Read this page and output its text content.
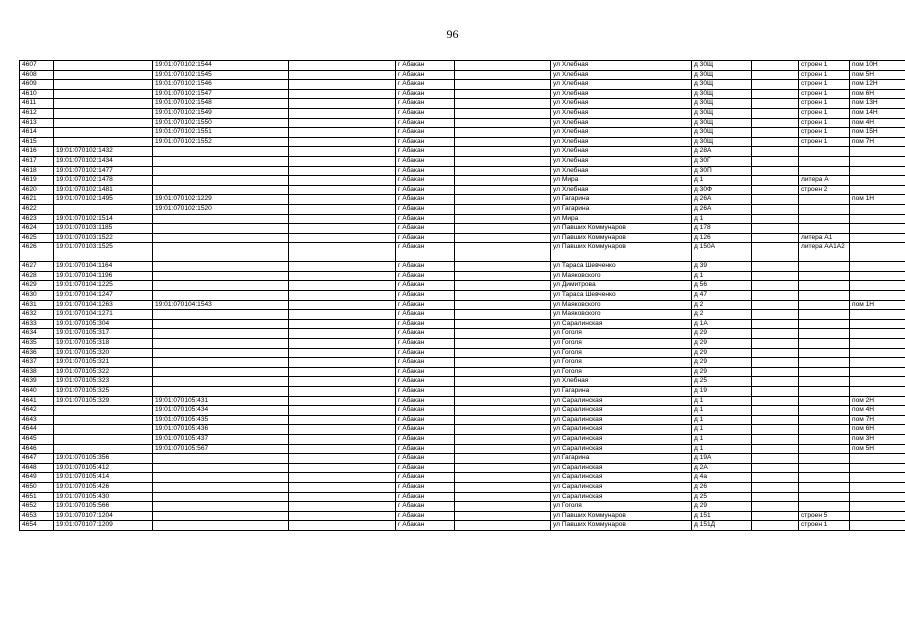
96
4607		19:01:070102:1544		г Абакан		ул Хлебная	д 30Щ		строен 1	пом 10Н
4608		19:01:070102:1545		г Абакан		ул Хлебная	д 30Щ		строен 1	пом 5Н
4609		19:01:070102:1546		г Абакан		ул Хлебная	д 30Щ		строен 1	пом 12Н
4610		19:01:070102:1547		г Абакан		ул Хлебная	д 30Щ		строен 1	пом 6Н
4611		19:01:070102:1548		г Абакан		ул Хлебная	д 30Щ		строен 1	пом 13Н
4612		19:01:070102:1549		г Абакан		ул Хлебная	д 30Щ		строен 1	пом 14Н
4613		19:01:070102:1550		г Абакан		ул Хлебная	д 30Щ		строен 1	пом 4Н
4614		19:01:070102:1551		г Абакан		ул Хлебная	д 30Щ		строен 1	пом 15Н
4615		19:01:070102:1552		г Абакан		ул Хлебная	д 30Щ		строен 1	пом 7Н
4616	19:01:070102:1432			г Абакан		ул Хлебная	д 28А			
4617	19:01:070102:1434			г Абакан		ул Хлебная	д 30Г			
4618	19:01:070102:1477			г Абакан		ул Хлебная	д 30П			
4619	19:01:070102:1478			г Абакан		ул Мира	д 1		литера А	
4620	19:01:070102:1481			г Абакан		ул Хлебная	д 30Ф		строен 2	
4621	19:01:070102:1495	19:01:070102:1229		г Абакан		ул Гагарина	д 26А			пом 1Н
4622		19:01:070102:1520		г Абакан		ул Гагарина	д 26А			
4623	19:01:070102:1514			г Абакан		ул Мира	д 1			
4624	19:01:070103:1185			г Абакан		ул Павших Коммунаров	д 178			
4625	19:01:070103:1522			г Абакан		ул Павших Коммунаров	д 126		литера А1	
4626	19:01:070103:1525			г Абакан		ул Павших Коммунаров	д 150А		литера АА1А2	
4627	19:01:070104:1164			г Абакан		ул Тараса Шевченко	д 39			
4628	19:01:070104:1196			г Абакан		ул Маяковского	д 1			
4629	19:01:070104:1225			г Абакан		ул Димитрова	д 56			
4630	19:01:070104:1247			г Абакан		ул Тараса Шевченко	д 47			
4631	19:01:070104:1263	19:01:070104:1543		г Абакан		ул Маяковского	д 2			пом 1Н
4632	19:01:070104:1271			г Абакан		ул Маяковского	д 2			
4633	19:01:070105:304			г Абакан		ул Саралинская	д 1А			
4634	19:01:070105:317			г Абакан		ул Гоголя	д 29			
4635	19:01:070105:318			г Абакан		ул Гоголя	д 29			
4636	19:01:070105:320			г Абакан		ул Гоголя	д 29			
4637	19:01:070105:321			г Абакан		ул Гоголя	д 29			
4638	19:01:070105:322			г Абакан		ул Гоголя	д 29			
4639	19:01:070105:323			г Абакан		ул Хлебная	д 25			
4640	19:01:070105:325			г Абакан		ул Гагарина	д 19			
4641	19:01:070105:329	19:01:070105:431		г Абакан		ул Саралинская	д 1			пом 2Н
4642		19:01:070105:434		г Абакан		ул Саралинская	д 1			пом 4Н
4643		19:01:070105:435		г Абакан		ул Саралинская	д 1			пом 7Н
4644		19:01:070105:436		г Абакан		ул Саралинская	д 1			пом 6Н
4645		19:01:070105:437		г Абакан		ул Саралинская	д 1			пом 3Н
4646		19:01:070105:567		г Абакан		ул Саралинская	д 1			пом 5Н
4647	19:01:070105:356			г Абакан		ул Гагарина	д 19А			
4648	19:01:070105:412			г Абакан		ул Саралинская	д 2А			
4649	19:01:070105:414			г Абакан		ул Саралинская	д 4а			
4650	19:01:070105:426			г Абакан		ул Саралинская	д 26			
4651	19:01:070105:430			г Абакан		ул Саралинская	д 25			
4652	19:01:070105:566			г Абакан		ул Гоголя	д 29			
4653	19:01:070107:1204			г Абакан		ул Павших Коммунаров	д 151		строен 5	
4654	19:01:070107:1209			г Абакан		ул Павших Коммунаров	д 151Д		строен 1	
